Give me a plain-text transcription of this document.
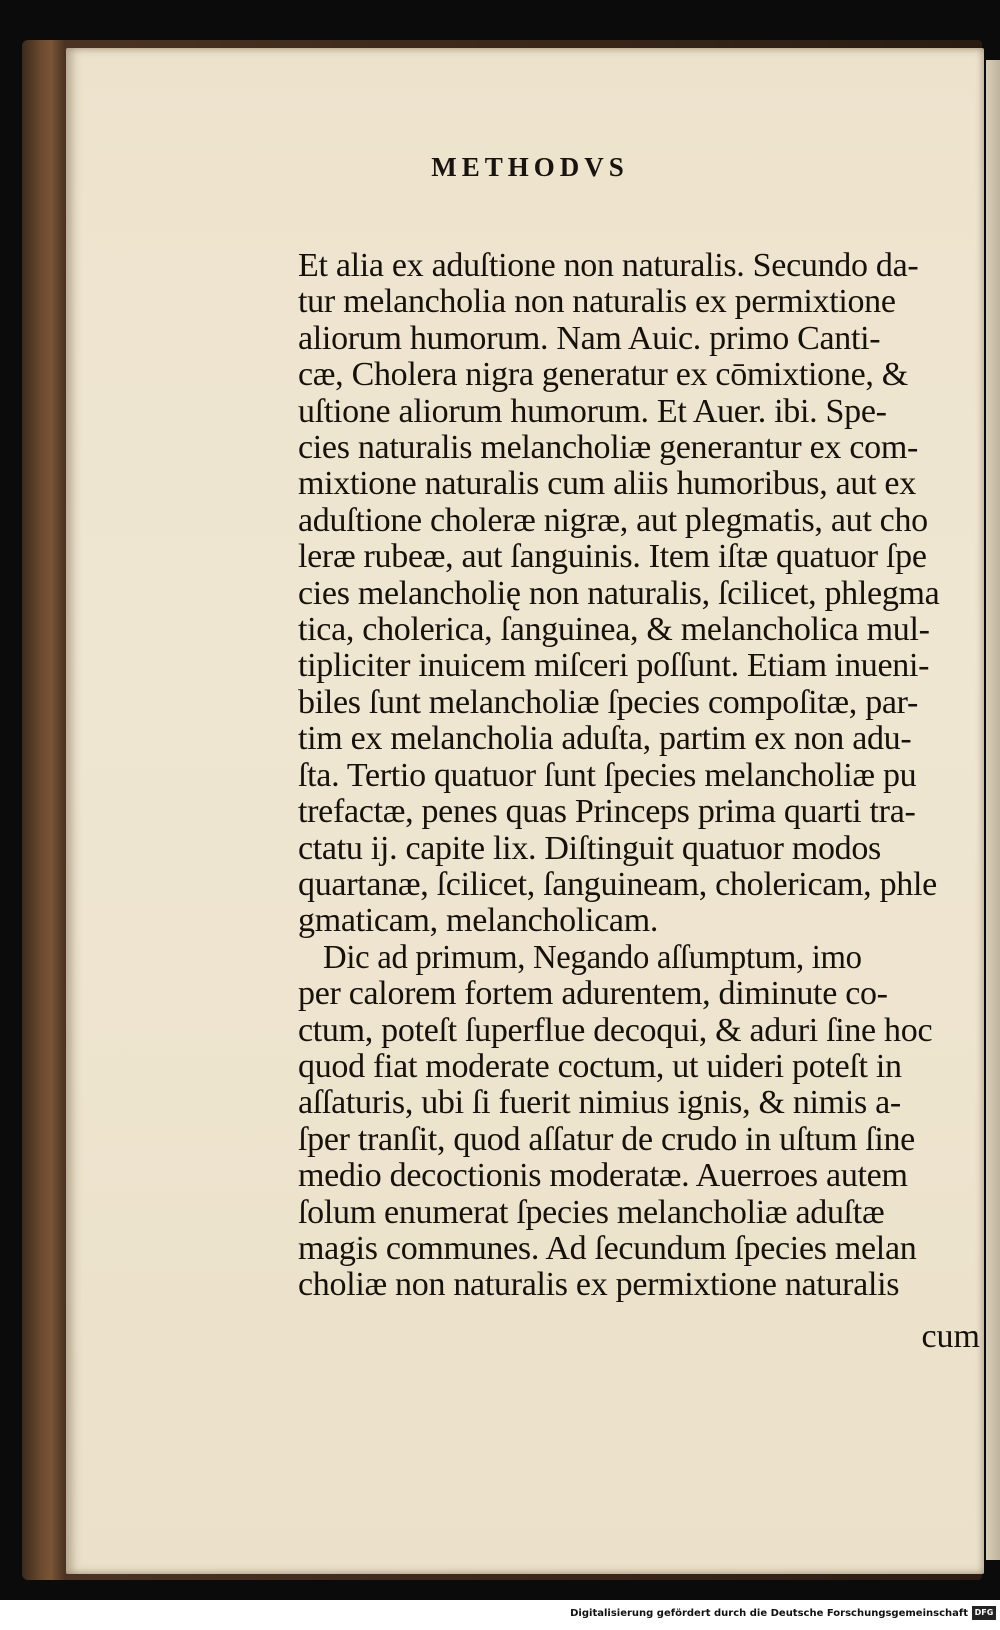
METHODVS
Et alia ex aduſtione non naturalis. Secundo da-
tur melancholia non naturalis ex permixtione
aliorum humorum. Nam Auic. primo Canti-
cæ, Cholera nigra generatur ex cōmixtione, &
uſtione aliorum humorum. Et Auer. ibi. Spe-
cies naturalis melancholiæ generantur ex com-
mixtione naturalis cum aliis humoribus, aut ex
aduſtione choleræ nigræ, aut plegmatis, aut cho
leræ rubeæ, aut ſanguinis. Item iſtæ quatuor ſpe
cies melancholię non naturalis, ſcilicet, phlegma
tica, cholerica, ſanguinea, & melancholica mul-
tipliciter inuicem miſceri poſſunt. Etiam inueni-
biles ſunt melancholiæ ſpecies compoſitæ, par-
tim ex melancholia aduſta, partim ex non adu-
ſta. Tertio quatuor ſunt ſpecies melancholiæ pu
trefactæ, penes quas Princeps prima quarti tra-
ctatu ij. capite lix. Diſtinguit quatuor modos
quartanæ, ſcilicet, ſanguineam, cholericam, phle
gmaticam, melancholicam.
Dic ad primum, Negando aſſumptum, imo
per calorem fortem adurentem, diminute co-
ctum, poteſt ſuperflue decoqui, & aduri ſine hoc
quod fiat moderate coctum, ut uideri poteſt in
aſſaturis, ubi ſi fuerit nimius ignis, & nimis a-
ſper tranſit, quod aſſatur de crudo in uſtum ſine
medio decoctionis moderatæ. Auerroes autem
ſolum enumerat ſpecies melancholiæ aduſtæ
magis communes. Ad ſecundum ſpecies melan
choliæ non naturalis ex permixtione naturalis
cum
Digitalisierung gefördert durch die Deutsche Forschungsgemeinschaft DFG
